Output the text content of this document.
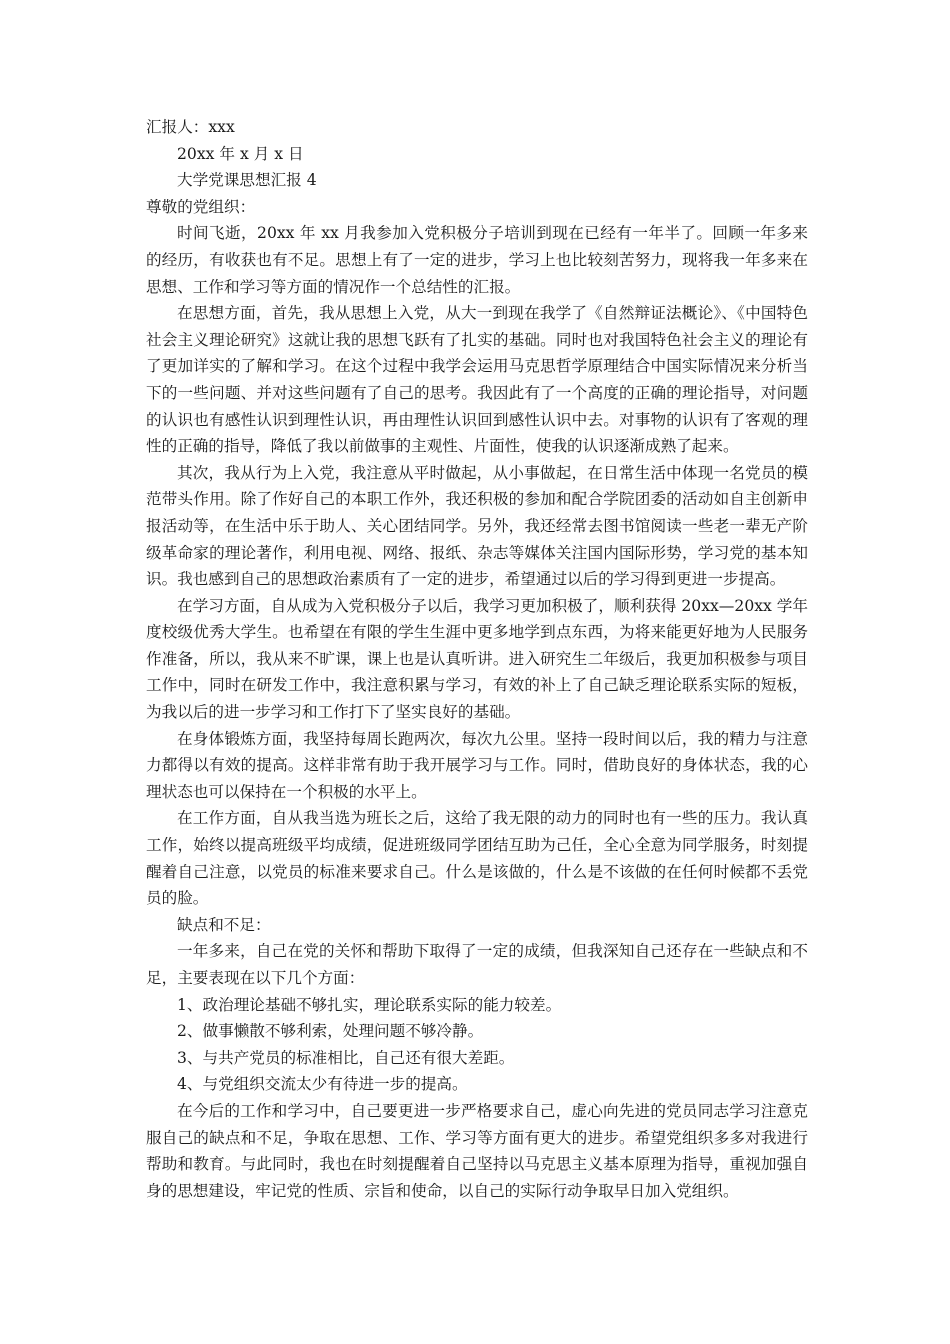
汇报人：xxx

20xx 年 x 月 x 日

大学党课思想汇报 4

尊敬的党组织：

时间飞逝，20xx 年 xx 月我参加入党积极分子培训到现在已经有一年半了。回顾一年多来的经历，有收获也有不足。思想上有了一定的进步，学习上也比较刻苦努力，现将我一年多来在思想、工作和学习等方面的情况作一个总结性的汇报。

在思想方面，首先，我从思想上入党，从大一到现在我学了《自然辩证法概论》、《中国特色社会主义理论研究》这就让我的思想飞跃有了扎实的基础。同时也对我国特色社会主义的理论有了更加详实的了解和学习。在这个过程中我学会运用马克思哲学原理结合中国实际情况来分析当下的一些问题、并对这些问题有了自己的思考。我因此有了一个高度的正确的理论指导，对问题的认识也有感性认识到理性认识，再由理性认识回到感性认识中去。对事物的认识有了客观的理性的正确的指导，降低了我以前做事的主观性、片面性，使我的认识逐渐成熟了起来。

其次，我从行为上入党，我注意从平时做起，从小事做起，在日常生活中体现一名党员的模范带头作用。除了作好自己的本职工作外，我还积极的参加和配合学院团委的活动如自主创新申报活动等，在生活中乐于助人、关心团结同学。另外，我还经常去图书馆阅读一些老一辈无产阶级革命家的理论著作，利用电视、网络、报纸、杂志等媒体关注国内国际形势，学习党的基本知识。我也感到自己的思想政治素质有了一定的进步，希望通过以后的学习得到更进一步提高。

在学习方面，自从成为入党积极分子以后，我学习更加积极了，顺利获得 20xx—20xx 学年度校级优秀大学生。也希望在有限的学生生涯中更多地学到点东西，为将来能更好地为人民服务作准备，所以，我从来不旷课，课上也是认真听讲。进入研究生二年级后，我更加积极参与项目工作中，同时在研发工作中，我注意积累与学习，有效的补上了自己缺乏理论联系实际的短板，为我以后的进一步学习和工作打下了坚实良好的基础。

在身体锻炼方面，我坚持每周长跑两次，每次九公里。坚持一段时间以后，我的精力与注意力都得以有效的提高。这样非常有助于我开展学习与工作。同时，借助良好的身体状态，我的心理状态也可以保持在一个积极的水平上。

在工作方面，自从我当选为班长之后，这给了我无限的动力的同时也有一些的压力。我认真工作，始终以提高班级平均成绩，促进班级同学团结互助为己任，全心全意为同学服务，时刻提醒着自己注意，以党员的标准来要求自己。什么是该做的，什么是不该做的在任何时候都不丢党员的脸。

缺点和不足：

一年多来，自己在党的关怀和帮助下取得了一定的成绩，但我深知自己还存在一些缺点和不足，主要表现在以下几个方面：

1、政治理论基础不够扎实，理论联系实际的能力较差。

2、做事懒散不够利索，处理问题不够冷静。

3、与共产党员的标准相比，自己还有很大差距。

4、与党组织交流太少有待进一步的提高。

在今后的工作和学习中，自己要更进一步严格要求自己，虚心向先进的党员同志学习注意克服自己的缺点和不足，争取在思想、工作、学习等方面有更大的进步。希望党组织多多对我进行帮助和教育。与此同时，我也在时刻提醒着自己坚持以马克思主义基本原理为指导，重视加强自身的思想建设，牢记党的性质、宗旨和使命，以自己的实际行动争取早日加入党组织。
